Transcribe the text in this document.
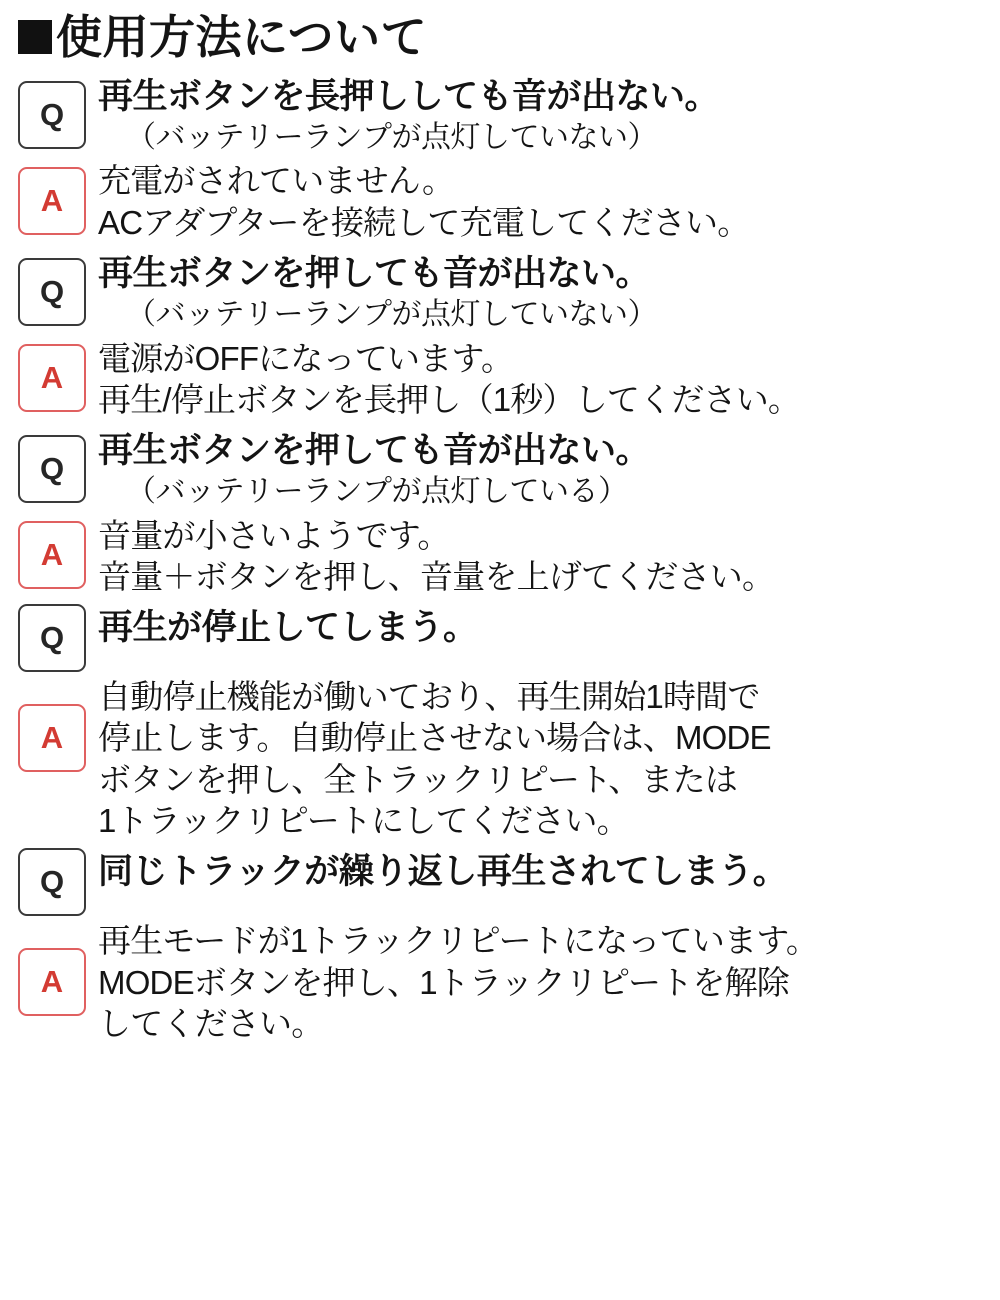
使用方法について
Q 再生ボタンを長押ししても音が出ない。
（バッテリーランプが点灯していない）
A
充電がされていません。
ACアダプターを接続して充電してください。
Q 再生ボタンを押しても音が出ない。
（バッテリーランプが点灯していない）
A
電源がOFFになっています。
再生/停止ボタンを長押し（1秒）してください。
Q 再生ボタンを押しても音が出ない。
（バッテリーランプが点灯している）
A
音量が小さいようです。
音量＋ボタンを押し、音量を上げてください。
Q 再生が停止してしまう。
A
自動停止機能が働いており、再生開始1時間で
停止します。自動停止させない場合は、MODE
ボタンを押し、全トラックリピート、または
1トラックリピートにしてください。
Q 同じトラックが繰り返し再生されてしまう。
A
再生モードが1トラックリピートになっています。
MODEボタンを押し、1トラックリピートを解除
してください。
